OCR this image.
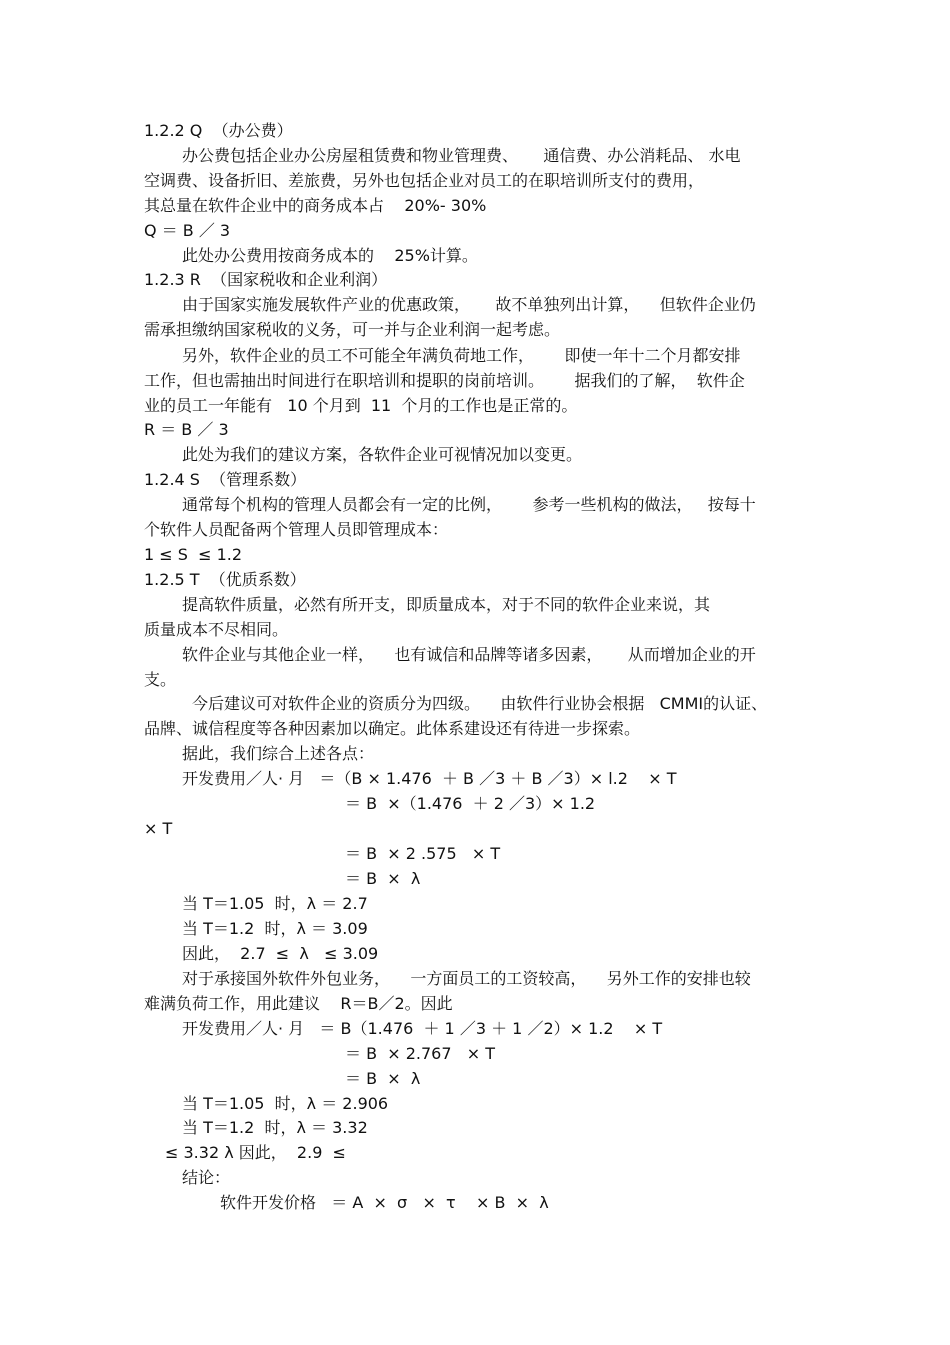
1.2.2 Q  （办公费）
办公费包括企业办公房屋租赁费和物业管理费、     通信费、办公消耗品、 水电
空调费、设备折旧、差旅费，另外也包括企业对员工的在职培训所支付的费用，
其总量在软件企业中的商务成本占    20%- 30%
Q ＝ B ／ 3
此处办公费用按商务成本的    25%计算。
1.2.3 R  （国家税收和企业利润）
由于国家实施发展软件产业的优惠政策，     故不单独列出计算，    但软件企业仍
需承担缴纳国家税收的义务，可一并与企业利润一起考虑。
另外，软件企业的员工不可能全年满负荷地工作，      即使一年十二个月都安排
工作，但也需抽出时间进行在职培训和提职的岗前培训。      据我们的了解，  软件企
业的员工一年能有   10 个月到  11  个月的工作也是正常的。
R ＝ B ／ 3
此处为我们的建议方案，各软件企业可视情况加以变更。
1.2.4 S  （管理系数）
通常每个机构的管理人员都会有一定的比例，      参考一些机构的做法，   按每十
个软件人员配备两个管理人员即管理成本：
1 ≤ S  ≤ 1.2
1.2.5 T  （优质系数）
提高软件质量，必然有所开支，即质量成本，对于不同的软件企业来说，其
质量成本不尽相同。
软件企业与其他企业一样，    也有诚信和品牌等诸多因素，     从而增加企业的开
支。
今后建议可对软件企业的资质分为四级。    由软件行业协会根据   CMMI的认证、
品牌、诚信程度等各种因素加以确定。此体系建设还有待进一步探索。
据此，我们综合上述各点：
开发费用／人· 月   ＝（B × 1.476  ＋ B ／3 ＋ B ／3）× l.2    × T
＝ B  ×（1.476  ＋ 2 ／3）× 1.2
× T
＝ B  × 2 .575   × T
＝ B  ×  λ
当 T＝1.05  时，λ ＝ 2.7
当 T＝1.2  时，λ ＝ 3.09
因此，  2.7  ≤  λ   ≤ 3.09
对于承接国外软件外包业务，    一方面员工的工资较高，    另外工作的安排也较
难满负荷工作，用此建议    R＝B／2。因此
开发费用／人· 月   ＝ B（1.476  ＋ 1 ／3 ＋ 1 ／2）× 1.2    × T
＝ B  × 2.767   × T
＝ B  ×  λ
当 T＝1.05  时，λ ＝ 2.906
当 T＝1.2  时，λ ＝ 3.32
≤ 3.32 λ 因此，  2.9  ≤
结论：
软件开发价格   ＝ A  ×  σ   ×  τ    × B  ×  λ
